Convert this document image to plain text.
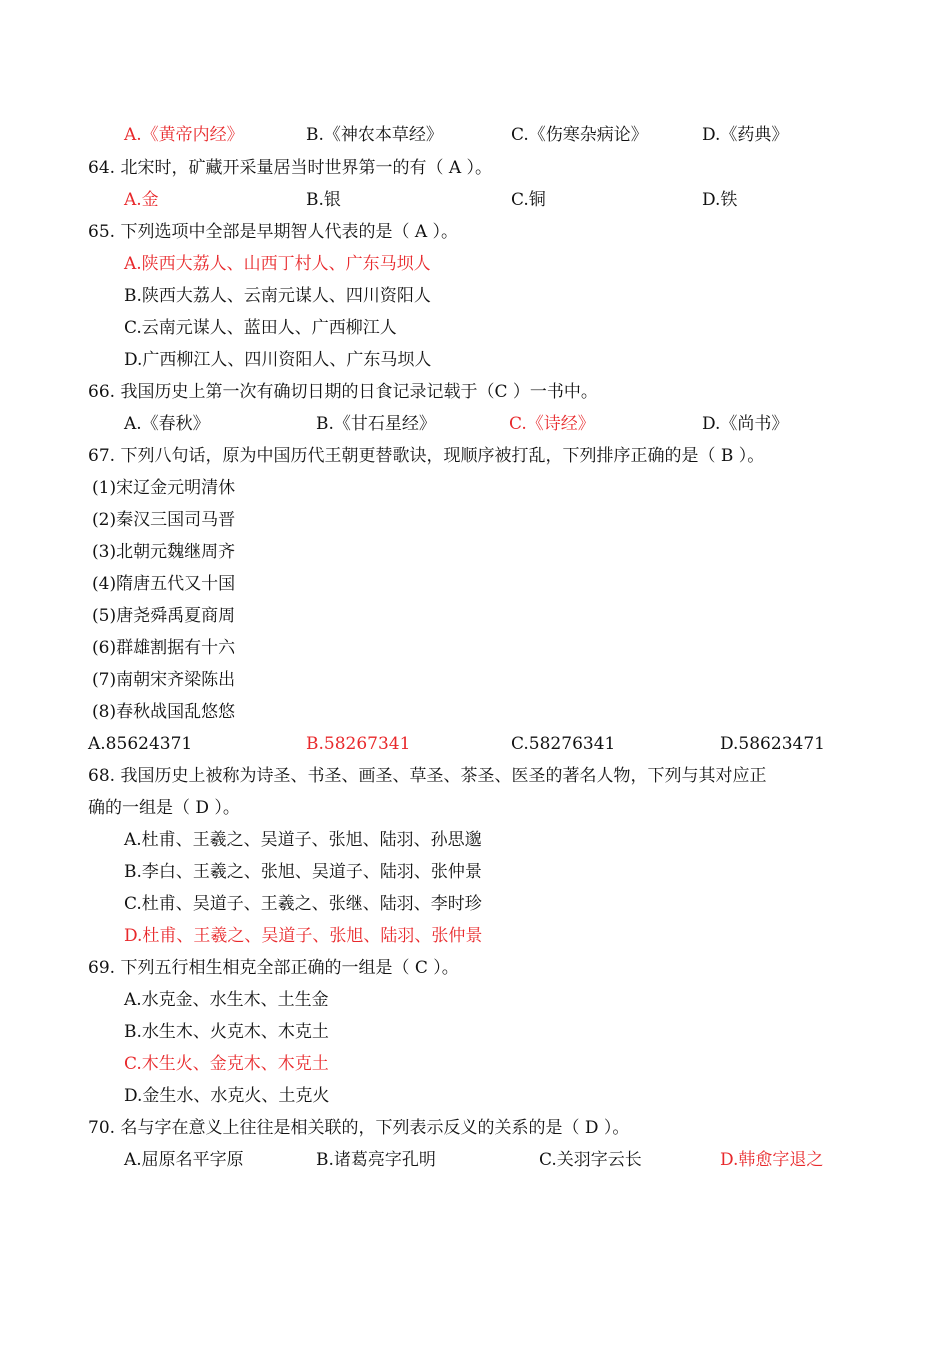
A.《黄帝内经》	B.《神农本草经》	C.《伤寒杂病论》	D.《药典》
64. 北宋时，矿藏开采量居当时世界第一的有（ A ）。
A.金	B.银	C.铜	D.铁
65. 下列选项中全部是早期智人代表的是（ A ）。
A.陕西大荔人、山西丁村人、广东马坝人
B.陕西大荔人、云南元谋人、四川资阳人
C.云南元谋人、蓝田人、广西柳江人
D.广西柳江人、四川资阳人、广东马坝人
66. 我国历史上第一次有确切日期的日食记录记载于（C ）一书中。
A.《春秋》	B.《甘石星经》	C.《诗经》	D.《尚书》
67. 下列八句话，原为中国历代王朝更替歌诀，现顺序被打乱，下列排序正确的是（ B ）。
(1)宋辽金元明清休
(2)秦汉三国司马晋
(3)北朝元魏继周齐
(4)隋唐五代又十国
(5)唐尧舜禹夏商周
(6)群雄割据有十六
(7)南朝宋齐梁陈出
(8)春秋战国乱悠悠
A.85624371	B.58267341	C.58276341	D.58623471
68. 我国历史上被称为诗圣、书圣、画圣、草圣、茶圣、医圣的著名人物，下列与其对应正
确的一组是（ D ）。
A.杜甫、王羲之、吴道子、张旭、陆羽、孙思邈
B.李白、王羲之、张旭、吴道子、陆羽、张仲景
C.杜甫、吴道子、王羲之、张继、陆羽、李时珍
D.杜甫、王羲之、吴道子、张旭、陆羽、张仲景
69. 下列五行相生相克全部正确的一组是（ C ）。
A.水克金、水生木、土生金
B.水生木、火克木、木克土
C.木生火、金克木、木克土
D.金生水、水克火、土克火
70. 名与字在意义上往往是相关联的，下列表示反义的关系的是（ D ）。
A.屈原名平字原	B.诸葛亮字孔明	C.关羽字云长	D.韩愈字退之
